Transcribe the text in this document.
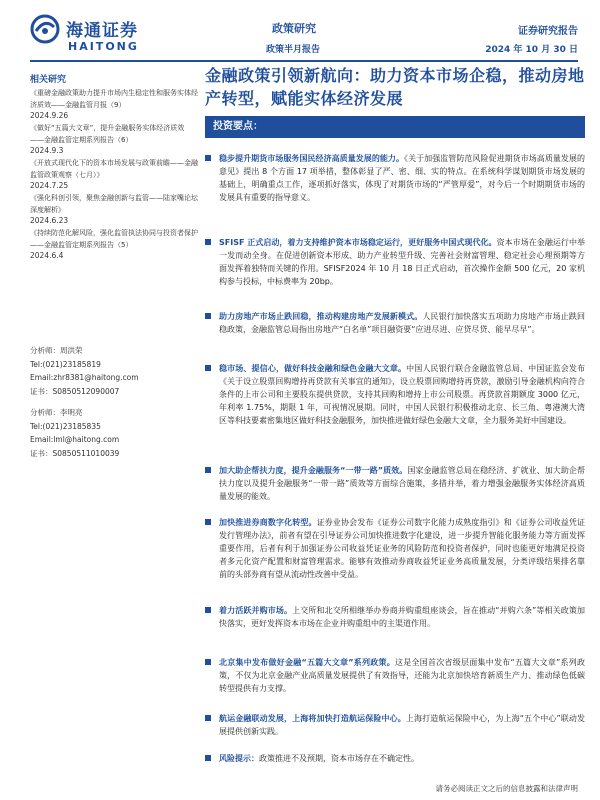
海通证券
HAITONG
政策研究
政策半月报告
证券研究报告
2024 年 10 月 30 日
相关研究
《重磅金融政策助力提升市场内生稳定性和服务实体经济质效——金融监管月报（9）
2024.9.26
《做好“五篇大文章”，提升金融服务实体经济质效——金融监管定期系列报告（6）
2024.9.3
《开放式现代化下的资本市场发展与政策前瞻——金融监管政策观察（七月）》
2024.7.25
《强化科创引领，聚焦金融创新与监管——陆家嘴论坛深度解析》
2024.6.23
《持续防范化解风险，强化监管执法协同与投资者保护——金融监管定期系列报告（5）
2024.6.4
分析师：周洪荣
Tel:(021)23185819
Email:zhr8381@haitong.com
证书：S0850512090007
分析师：李明亮
Tel:(021)23185835
Email:lml@haitong.com
证书：S0850511010039
金融政策引领新航向：助力资本市场企稳，推动房地产转型，赋能实体经济发展
投资要点：
稳步提升期货市场服务国民经济高质量发展的能力。《关于加强监管防范风险促进期货市场高质量发展的意见》提出 8 个方面 17 项举措，整体彰显了严、密、细、实的特点。在系统科学谋划期货市场发展的基础上，明确重点工作，逐项抓好落实，体现了对期货市场的“严管厚爱”，对今后一个时期期货市场的发展具有重要的指导意义。
SFISF 正式启动，着力支持维护资本市场稳定运行，更好服务中国式现代化。资本市场在金融运行中举一发而动全身。在促进创新资本形成、助力产业转型升级、完善社会财富管理、稳定社会心理预期等方面发挥着独特而关键的作用。SFISF2024 年 10 月 18 日正式启动，首次操作金额 500 亿元，20 家机构参与投标，中标费率为 20bp。
助力房地产市场止跌回稳，推动构建房地产发展新模式。人民银行加快落实五项助力房地产市场止跌回稳政策，金融监管总局指出房地产“白名单”项目融资要“应进尽进、应贷尽贷、能早尽早”。
稳市场、提信心，做好科技金融和绿色金融大文章。中国人民银行联合金融监管总局、中国证监会发布《关于设立股票回购增持再贷款有关事宜的通知》，设立股票回购增持再贷款，激励引导金融机构向符合条件的上市公司和主要股东提供贷款，支持其回购和增持上市公司股票。再贷款首期额度 3000 亿元，年利率 1.75%，期限 1 年，可视情况展期。同时，中国人民银行积极推动北京、长三角、粤港澳大湾区等科技要素密集地区做好科技金融服务，加快推进做好绿色金融大文章，全力服务美好中国建设。
加大助企帮扶力度，提升金融服务“一带一路”质效。国家金融监管总局在稳经济、扩就业、加大助企帮扶力度以及提升金融服务“一带一路”质效等方面综合施策，多措并举，着力增强金融服务实体经济高质量发展的能效。
加快推进券商数字化转型。证券业协会发布《证券公司数字化能力成熟度指引》和《证券公司收益凭证发行管理办法》，前者有望在引导证券公司加快推进数字化建设，进一步提升智能化服务能力等方面发挥重要作用，后者有利于加强证券公司收益凭证业务的风险防范和投资者保护，同时也能更好地满足投资者多元化资产配置和财富管理需求。能够有效推动券商收益凭证业务高质量发展，分类评级结果排名靠前的头部券商有望从流动性改善中受益。
着力活跃并购市场。上交所和北交所相继举办券商并购重组座谈会，旨在推动“并购六条”等相关政策加快落实，更好发挥资本市场在企业并购重组中的主渠道作用。
北京集中发布做好金融“五篇大文章”系列政策。这是全国首次省级层面集中发布“五篇大文章”系列政策，不仅为北京金融产业高质量发展提供了有效指导，还能为北京加快培育新质生产力、推动绿色低碳转型提供有力支撑。
航运金融联动发展，上海将加快打造航运保险中心。上海打造航运保险中心，为上海“五个中心”联动发展提供创新实践。
风险提示：政策推进不及预期，资本市场存在不确定性。
请务必阅读正文之后的信息披露和法律声明
